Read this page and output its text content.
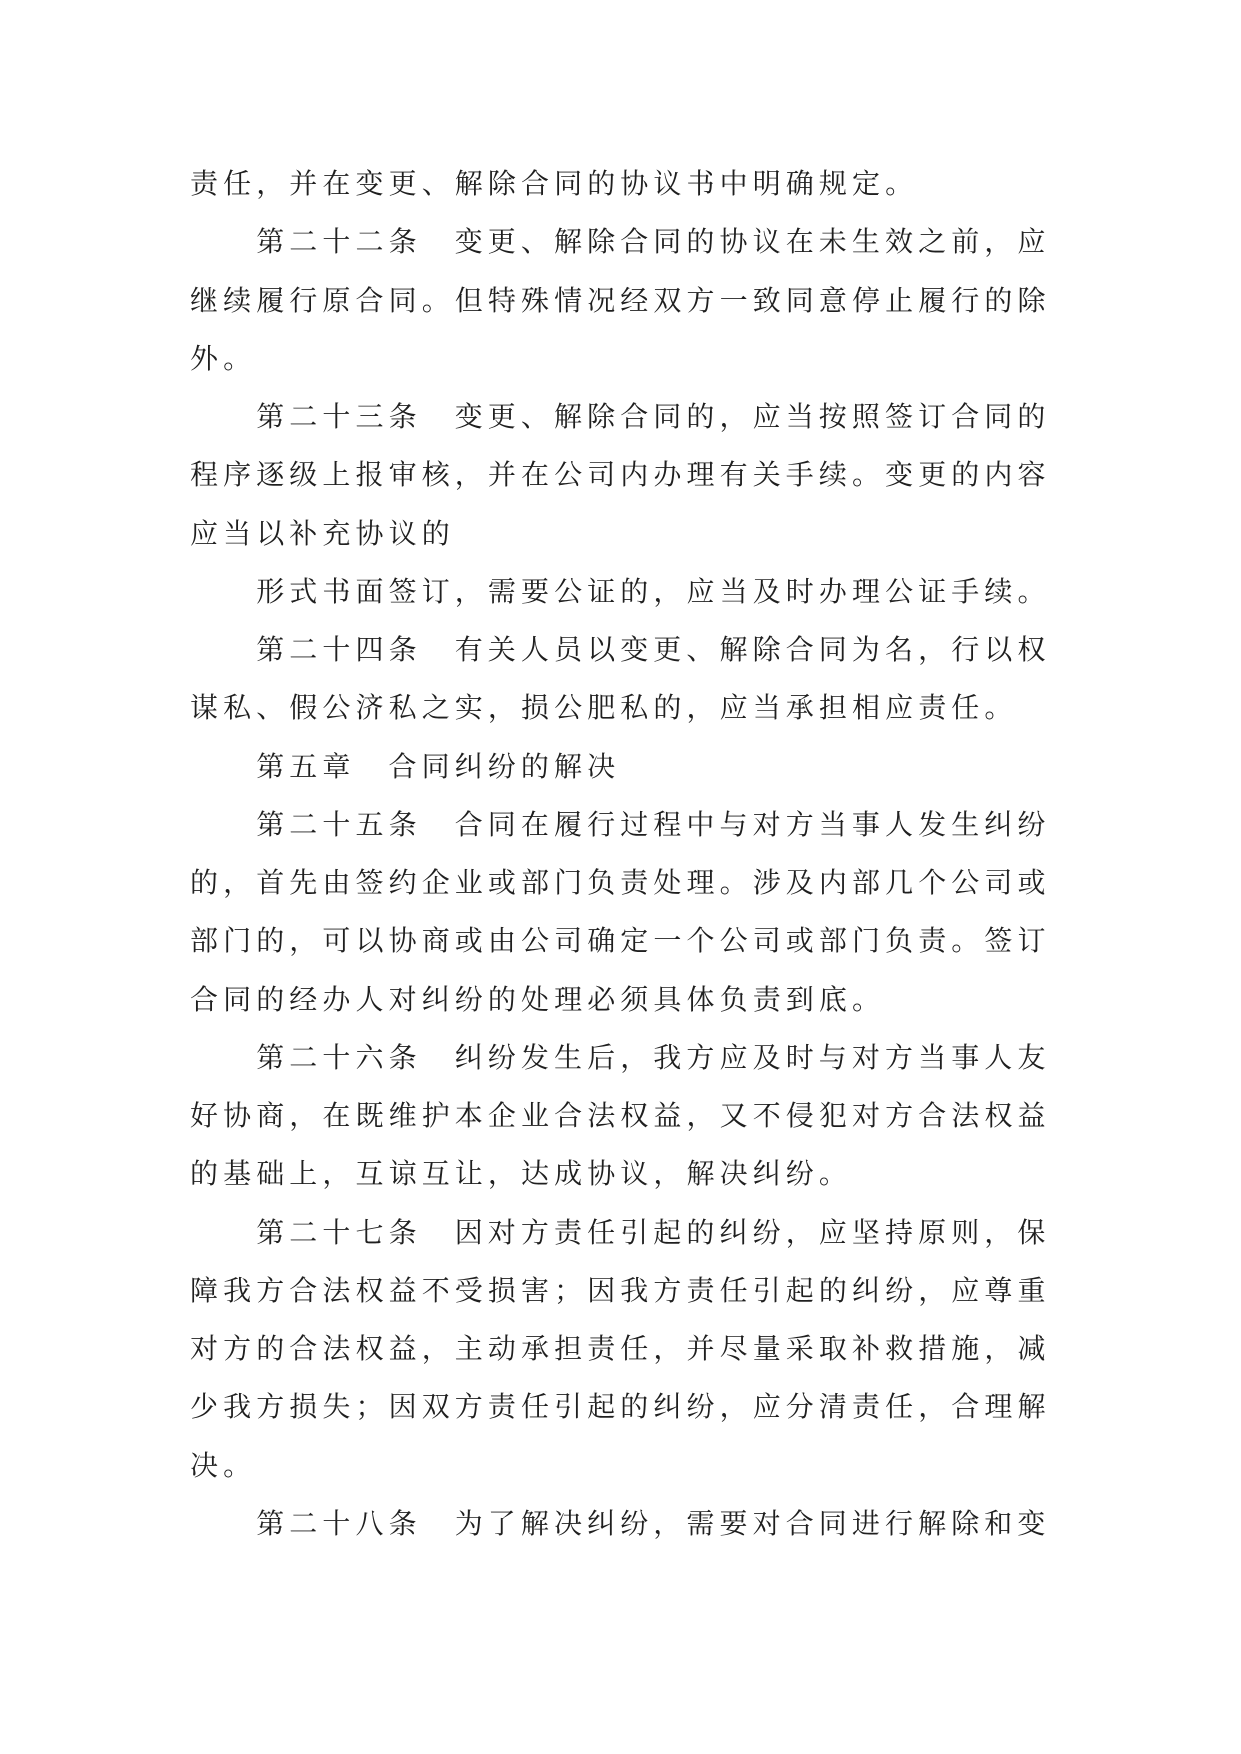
责任，并在变更、解除合同的协议书中明确规定。
第二十二条 变更、解除合同的协议在未生效之前，应
继续履行原合同。但特殊情况经双方一致同意停止履行的除
外。
第二十三条 变更、解除合同的，应当按照签订合同的
程序逐级上报审核，并在公司内办理有关手续。变更的内容
应当以补充协议的
形式书面签订，需要公证的，应当及时办理公证手续。
第二十四条 有关人员以变更、解除合同为名，行以权
谋私、假公济私之实，损公肥私的，应当承担相应责任。
第五章 合同纠纷的解决
第二十五条 合同在履行过程中与对方当事人发生纠纷
的，首先由签约企业或部门负责处理。涉及内部几个公司或
部门的，可以协商或由公司确定一个公司或部门负责。签订
合同的经办人对纠纷的处理必须具体负责到底。
第二十六条 纠纷发生后，我方应及时与对方当事人友
好协商，在既维护本企业合法权益，又不侵犯对方合法权益
的基础上，互谅互让，达成协议，解决纠纷。
第二十七条 因对方责任引起的纠纷，应坚持原则，保
障我方合法权益不受损害；因我方责任引起的纠纷，应尊重
对方的合法权益，主动承担责任，并尽量采取补救措施，减
少我方损失；因双方责任引起的纠纷，应分清责任，合理解
决。
第二十八条 为了解决纠纷，需要对合同进行解除和变
